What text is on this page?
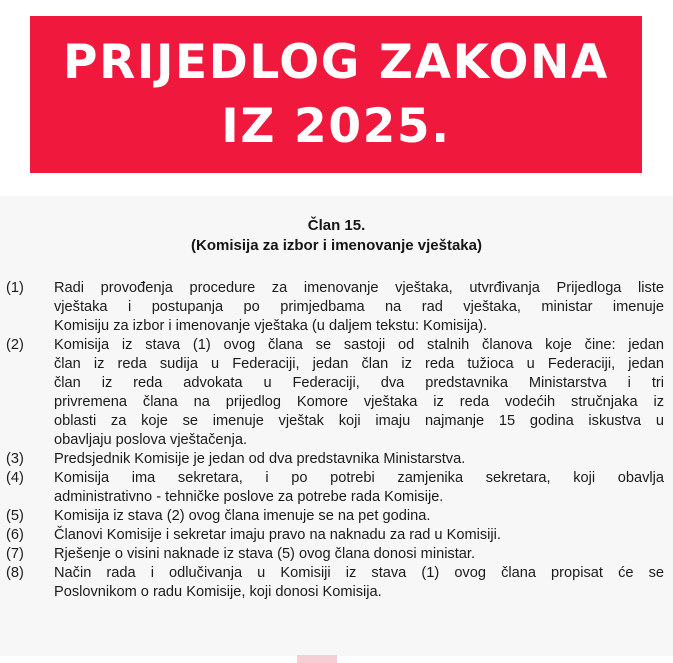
PRIJEDLOG ZAKONA
IZ 2025.
Član 15.
(Komisija za izbor i imenovanje vještaka)
(1) Radi provođenja procedure za imenovanje vještaka, utvrđivanja Prijedloga liste
vještaka i postupanja po primjedbama na rad vještaka, ministar imenuje
Komisiju za izbor i imenovanje vještaka (u daljem tekstu: Komisija).
(2) Komisija iz stava (1) ovog člana se sastoji od stalnih članova koje čine: jedan
član iz reda sudija u Federaciji, jedan član iz reda tužioca u Federaciji, jedan
član iz reda advokata u Federaciji, dva predstavnika Ministarstva i tri
privremena člana na prijedlog Komore vještaka iz reda vodećih stručnjaka iz
oblasti za koje se imenuje vještak koji imaju najmanje 15 godina iskustva u
obavljaju poslova vještačenja.
(3) Predsjednik Komisije je jedan od dva predstavnika Ministarstva.
(4) Komisija ima sekretara, i po potrebi zamjenika sekretara, koji obavlja
administrativno - tehničke poslove za potrebe rada Komisije.
(5) Komisija iz stava (2) ovog člana imenuje se na pet godina.
(6) Članovi Komisije i sekretar imaju pravo na naknadu za rad u Komisiji.
(7) Rješenje o visini naknade iz stava (5) ovog člana donosi ministar.
(8) Način rada i odlučivanja u Komisiji iz stava (1) ovog člana propisat će se
Poslovnikom o radu Komisije, koji donosi Komisija.
